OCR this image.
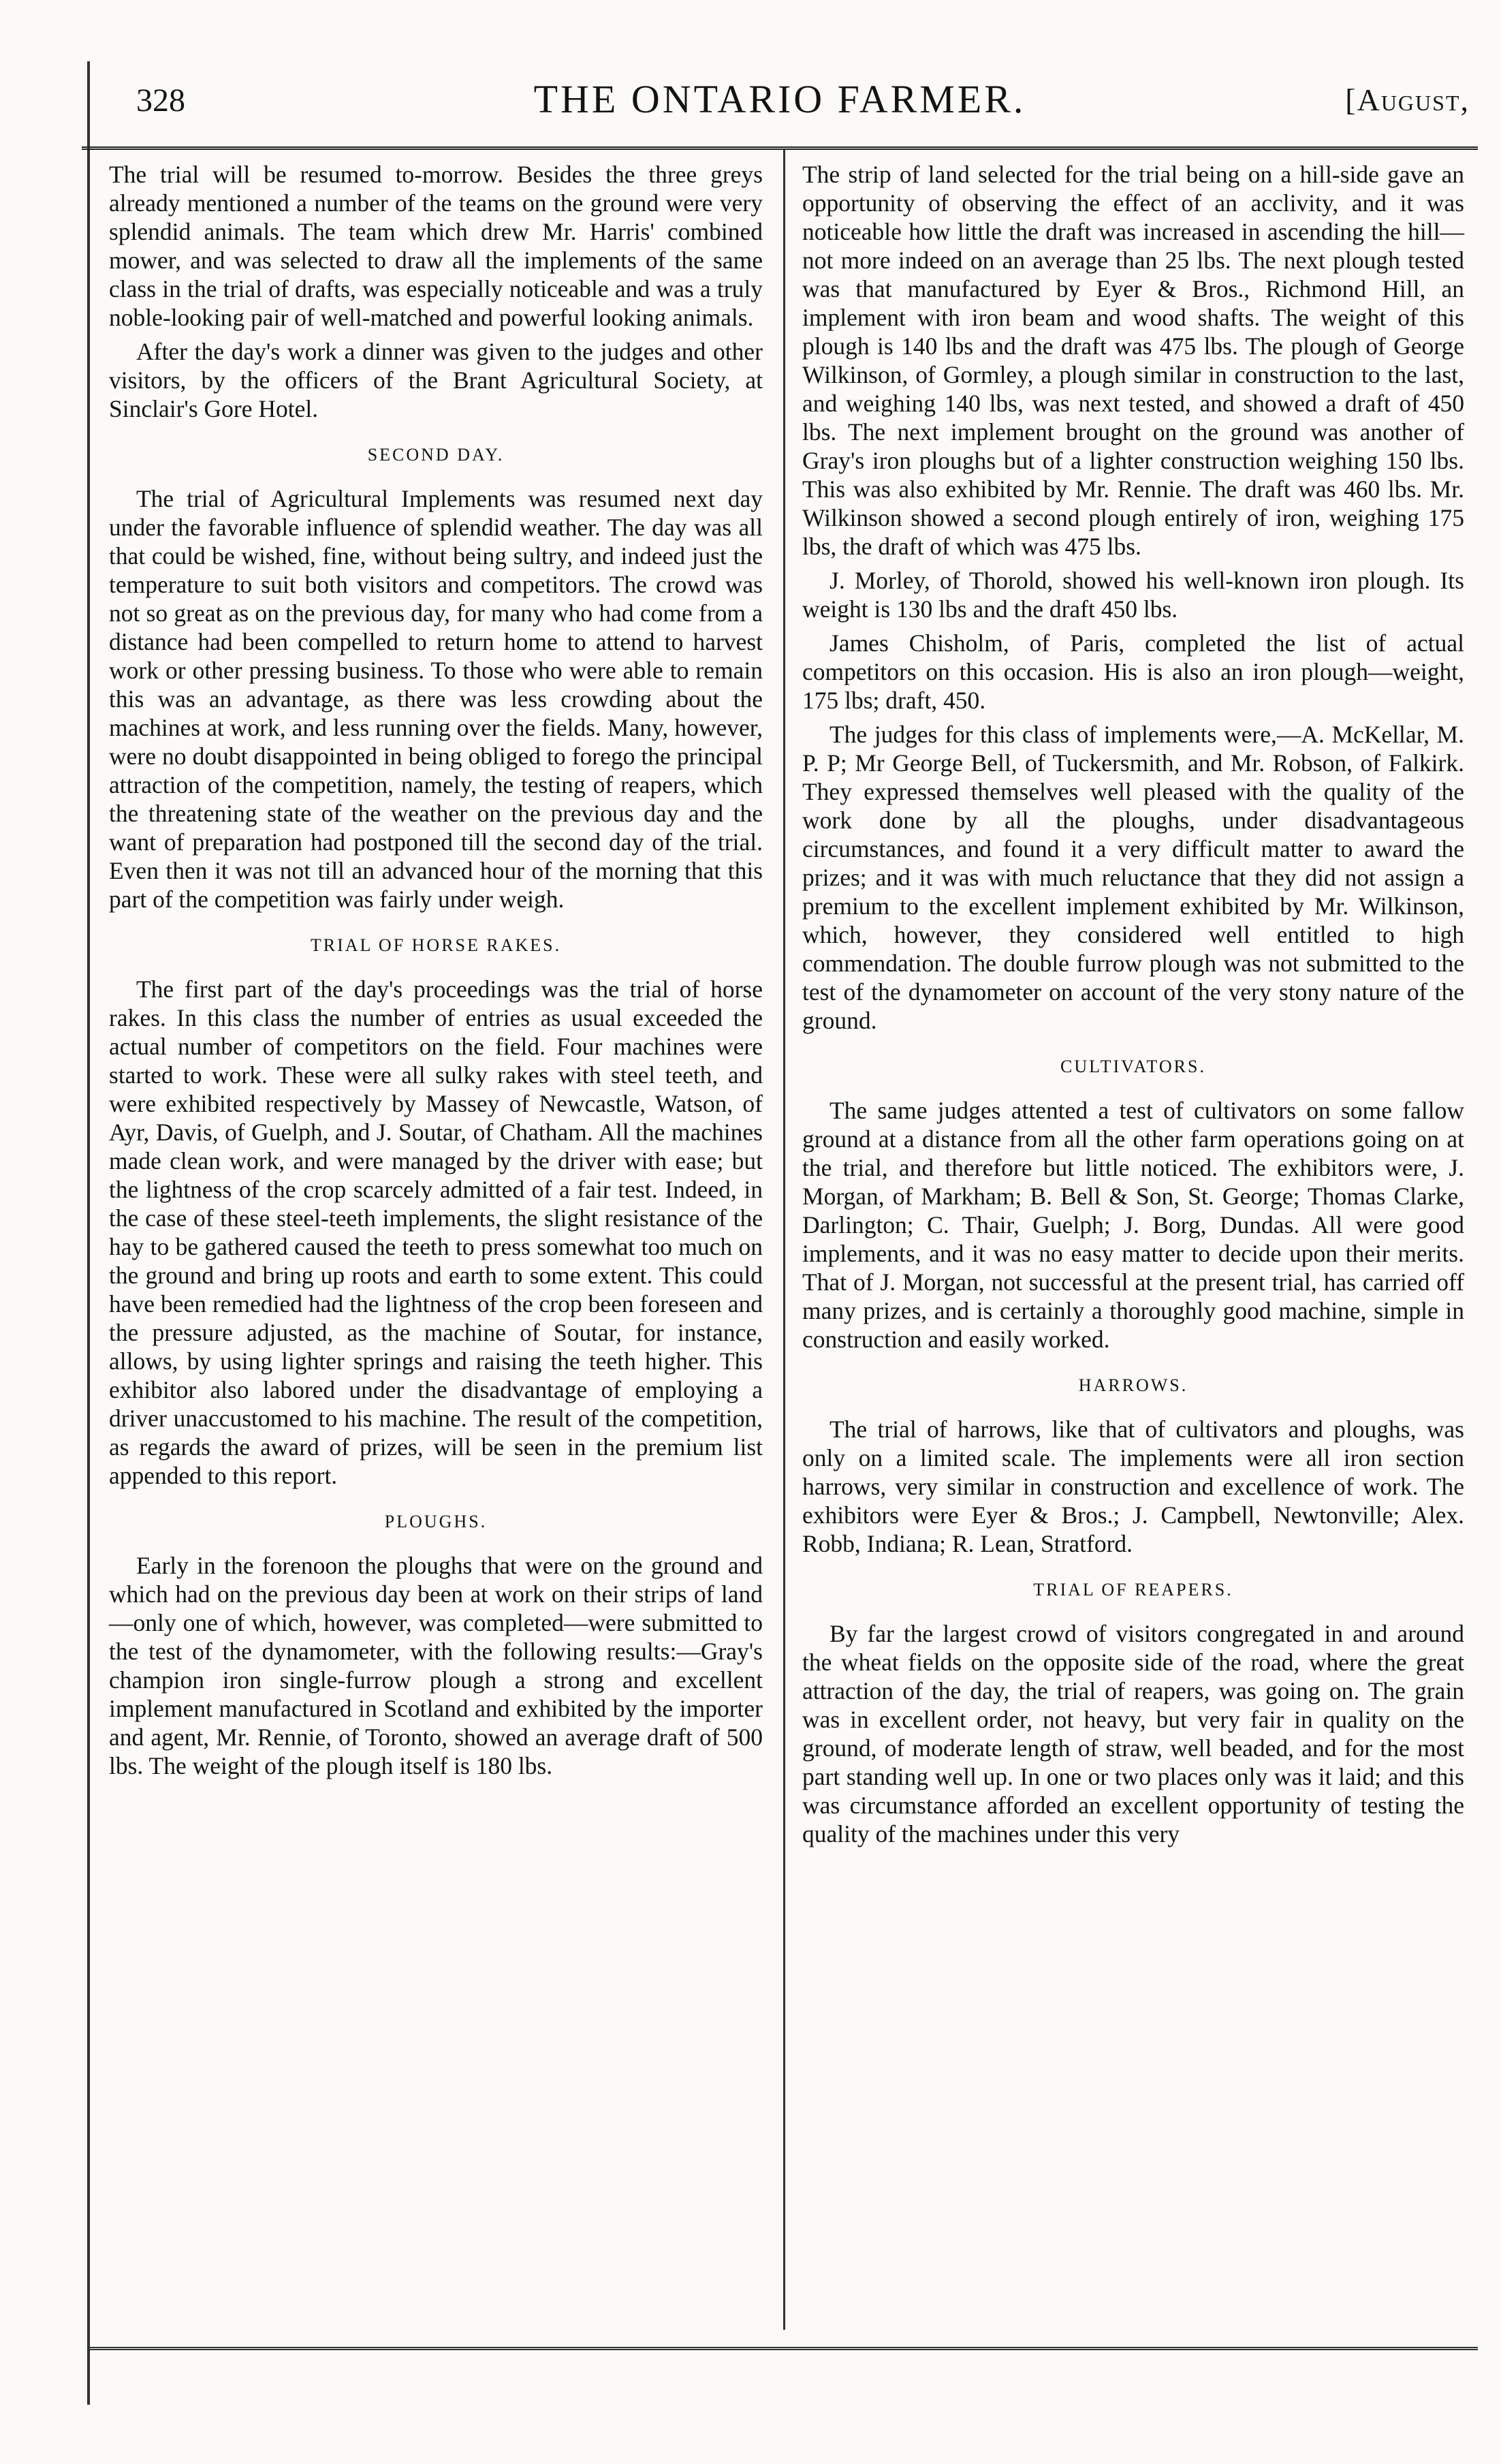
328	THE ONTARIO FARMER.	[August,

The trial will be resumed to-morrow. Besides the three greys already mentioned a number of the teams on the ground were very splendid animals. The team which drew Mr. Harris' combined mower, and was selected to draw all the implements of the same class in the trial of drafts, was especially noticeable and was a truly noble-looking pair of well-matched and powerful looking animals.

After the day's work a dinner was given to the judges and other visitors, by the officers of the Brant Agricultural Society, at Sinclair's Gore Hotel.

SECOND DAY.

The trial of Agricultural Implements was resumed next day under the favorable influence of splendid weather. The day was all that could be wished, fine, without being sultry, and indeed just the temperature to suit both visitors and competitors. The crowd was not so great as on the previous day, for many who had come from a distance had been compelled to return home to attend to harvest work or other pressing business. To those who were able to remain this was an advantage, as there was less crowding about the machines at work, and less running over the fields. Many, however, were no doubt disappointed in being obliged to forego the principal attraction of the competition, namely, the testing of reapers, which the threatening state of the weather on the previous day and the want of preparation had postponed till the second day of the trial. Even then it was not till an advanced hour of the morning that this part of the competition was fairly under weigh.

TRIAL OF HORSE RAKES.

The first part of the day's proceedings was the trial of horse rakes. In this class the number of entries as usual exceeded the actual number of competitors on the field. Four machines were started to work. These were all sulky rakes with steel teeth, and were exhibited respectively by Massey of Newcastle, Watson, of Ayr, Davis, of Guelph, and J. Soutar, of Chatham. All the machines made clean work, and were managed by the driver with ease; but the lightness of the crop scarcely admitted of a fair test. Indeed, in the case of these steel-teeth implements, the slight resistance of the hay to be gathered caused the teeth to press somewhat too much on the ground and bring up roots and earth to some extent. This could have been remedied had the lightness of the crop been foreseen and the pressure adjusted, as the machine of Soutar, for instance, allows, by using lighter springs and raising the teeth higher. This exhibitor also labored under the disadvantage of employing a driver unaccustomed to his machine. The result of the competition, as regards the award of prizes, will be seen in the premium list appended to this report.

PLOUGHS.

Early in the forenoon the ploughs that were on the ground and which had on the previous day been at work on their strips of land—only one of which, however, was completed—were submitted to the test of the dynamometer, with the following results:—Gray's champion iron single-furrow plough a strong and excellent implement manufactured in Scotland and exhibited by the importer and agent, Mr. Rennie, of Toronto, showed an average draft of 500 lbs. The weight of the plough itself is 180 lbs.

The strip of land selected for the trial being on a hill-side gave an opportunity of observing the effect of an acclivity, and it was noticeable how little the draft was increased in ascending the hill—not more indeed on an average than 25 lbs. The next plough tested was that manufactured by Eyer & Bros., Richmond Hill, an implement with iron beam and wood shafts. The weight of this plough is 140 lbs and the draft was 475 lbs. The plough of George Wilkinson, of Gormley, a plough similar in construction to the last, and weighing 140 lbs, was next tested, and showed a draft of 450 lbs. The next implement brought on the ground was another of Gray's iron ploughs but of a lighter construction weighing 150 lbs. This was also exhibited by Mr. Rennie. The draft was 460 lbs. Mr. Wilkinson showed a second plough entirely of iron, weighing 175 lbs, the draft of which was 475 lbs.

J. Morley, of Thorold, showed his well-known iron plough. Its weight is 130 lbs and the draft 450 lbs.

James Chisholm, of Paris, completed the list of actual competitors on this occasion. His is also an iron plough—weight, 175 lbs; draft, 450.

The judges for this class of implements were,—A. McKellar, M. P. P; Mr George Bell, of Tuckersmith, and Mr. Robson, of Falkirk. They expressed themselves well pleased with the quality of the work done by all the ploughs, under disadvantageous circumstances, and found it a very difficult matter to award the prizes; and it was with much reluctance that they did not assign a premium to the excellent implement exhibited by Mr. Wilkinson, which, however, they considered well entitled to high commendation. The double furrow plough was not submitted to the test of the dynamometer on account of the very stony nature of the ground.

CULTIVATORS.

The same judges attented a test of cultivators on some fallow ground at a distance from all the other farm operations going on at the trial, and therefore but little noticed. The exhibitors were, J. Morgan, of Markham; B. Bell & Son, St. George; Thomas Clarke, Darlington; C. Thair, Guelph; J. Borg, Dundas. All were good implements, and it was no easy matter to decide upon their merits. That of J. Morgan, not successful at the present trial, has carried off many prizes, and is certainly a thoroughly good machine, simple in construction and easily worked.

HARROWS.

The trial of harrows, like that of cultivators and ploughs, was only on a limited scale. The implements were all iron section harrows, very similar in construction and excellence of work. The exhibitors were Eyer & Bros.; J. Campbell, Newtonville; Alex. Robb, Indiana; R. Lean, Stratford.

TRIAL OF REAPERS.

By far the largest crowd of visitors congregated in and around the wheat fields on the opposite side of the road, where the great attraction of the day, the trial of reapers, was going on. The grain was in excellent order, not heavy, but very fair in quality on the ground, of moderate length of straw, well beaded, and for the most part standing well up. In one or two places only was it laid; and this was circumstance afforded an excellent opportunity of testing the quality of the machines under this very
